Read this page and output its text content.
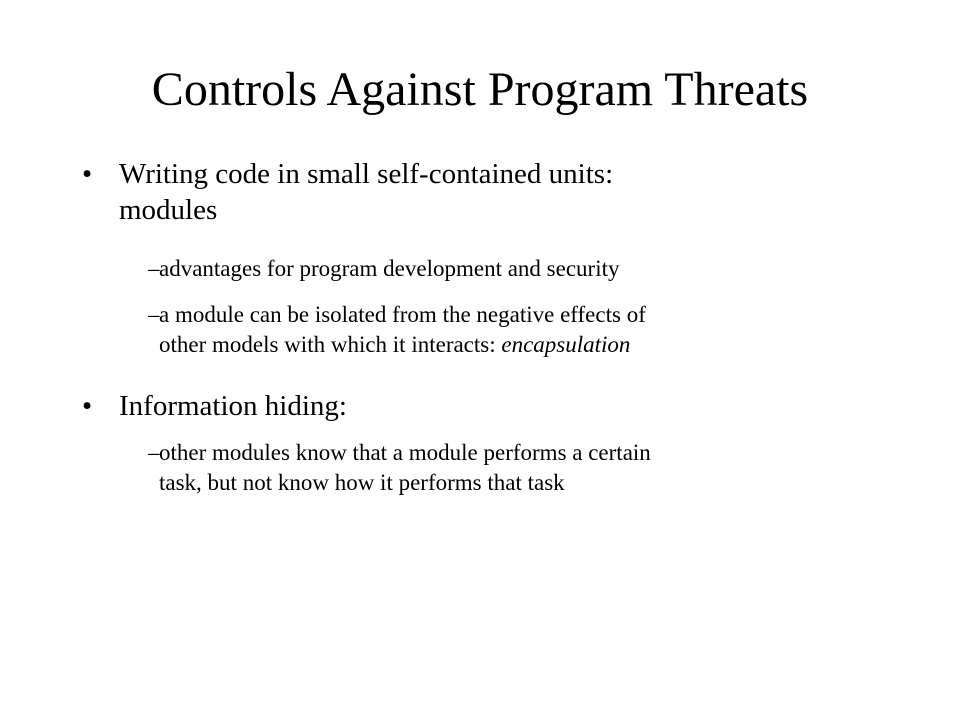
Controls Against Program Threats
• Writing code in small self-contained units:
modules
– advantages for program development and security
– a module can be isolated from the negative effects of
other models with which it interacts: encapsulation
• Information hiding:
– other modules know that a module performs a certain
task, but not know how it performs that task
